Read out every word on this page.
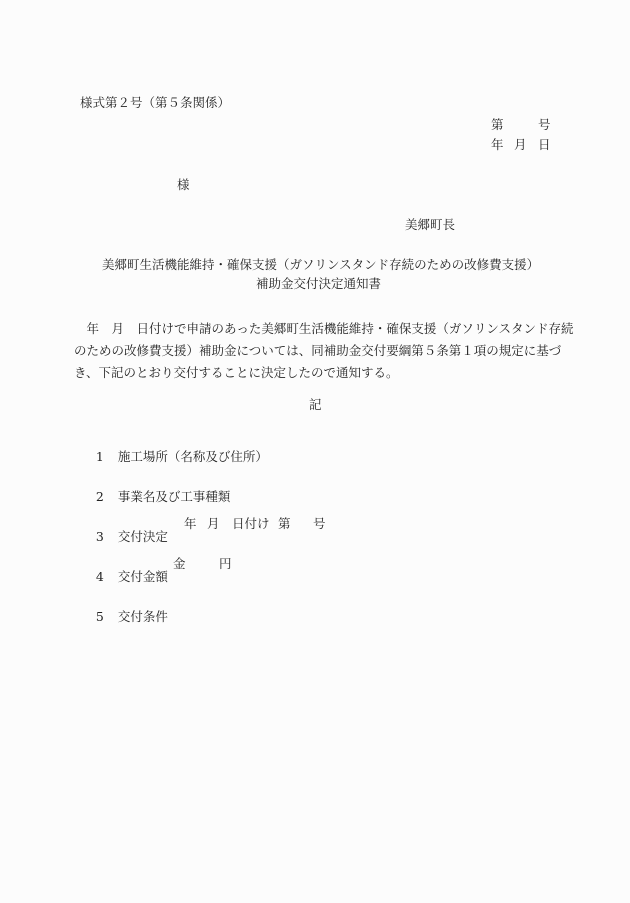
様式第２号（第５条関係）
第	号
年 月 日
様
美郷町長
美郷町生活機能維持・確保支援（ガソリンスタンド存続のための改修費支援）
補助金交付決定通知書
　年　月　日付けで申請のあった美郷町生活機能維持・確保支援（ガソリンスタンド存続
のための改修費支援）補助金については、同補助金交付要綱第５条第１項の規定に基づ
き、下記のとおり交付することに決定したので通知する。
記

1 施工場所（名称及び住所）

2 事業名及び工事種類

3 交付決定

年 月 日付け 第 号

4 交付金額

金	円

5 交付条件
